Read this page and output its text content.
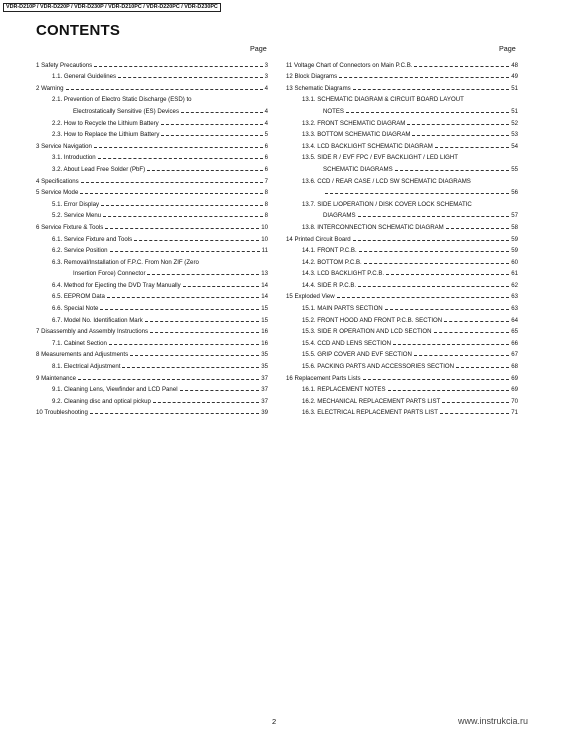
VDR-D210P / VDR-D220P / VDR-D230P / VDR-D210PC / VDR-D220PC / VDR-D230PC
CONTENTS
Page	Page
1 Safety Precautions	3
1.1. General Guidelines	3
2 Warning	4
2.1. Prevention of Electro Static Discharge (ESD) to
Electrostatically Sensitive (ES) Devices	4
2.2. How to Recycle the Lithium Battery	4
2.3. How to Replace the Lithium Battery	5
3 Service Navigation	6
3.1. Introduction	6
3.2. About Lead Free Solder (PbF)	6
4 Specifications	7
5 Service Mode	8
5.1. Error Display	8
5.2. Service Menu	8
6 Service Fixture & Tools	10
6.1. Service Fixture and Tools	10
6.2. Service Position	11
6.3. Removal/Installation of F.P.C. From Non ZIF (Zero
Insertion Force) Connector	13
6.4. Method for Ejecting the DVD Tray Manually	14
6.5. EEPROM Data	14
6.6. Special Note	15
6.7. Model No. Identification Mark	15
7 Disassembly and Assembly Instructions	16
7.1. Cabinet Section	16
8 Measurements and Adjustments	35
8.1. Electrical Adjustment	35
9 Maintenance	37
9.1. Cleaning Lens, Viewfinder and LCD Panel	37
9.2. Cleaning disc and optical pickup	37
10 Troubleshooting	39
11 Voltage Chart of Connectors on Main P.C.B.	48
12 Block Diagrams	49
13 Schematic Diagrams	51
13.1. SCHEMATIC DIAGRAM & CIRCUIT BOARD LAYOUT
NOTES	51
13.2. FRONT SCHEMATIC DIAGRAM	52
13.3. BOTTOM SCHEMATIC DIAGRAM	53
13.4. LCD BACKLIGHT SCHEMATIC DIAGRAM	54
13.5. SIDE R / EVF FPC / EVF BACKLIGHT / LED LIGHT
SCHEMATIC DIAGRAMS	55
13.6. CCD / REAR CASE / LCD SW SCHEMATIC DIAGRAMS
56
13.7. SIDE L/OPERATION / DISK COVER LOCK SCHEMATIC
DIAGRAMS	57
13.8. INTERCONNECTION SCHEMATIC DIAGRAM	58
14 Printed Circuit Board	59
14.1. FRONT P.C.B.	59
14.2. BOTTOM P.C.B.	60
14.3. LCD BACKLIGHT P.C.B.	61
14.4. SIDE R P.C.B.	62
15 Exploded View	63
15.1. MAIN PARTS SECTION	63
15.2. FRONT HOOD AND FRONT P.C.B. SECTION	64
15.3. SIDE R OPERATION AND LCD SECTION	65
15.4. CCD AND LENS SECTION	66
15.5. GRIP COVER AND EVF SECTION	67
15.6. PACKING PARTS AND ACCESSORIES SECTION	68
16 Replacement Parts Lists	69
16.1. REPLACEMENT NOTES	69
16.2. MECHANICAL REPLACEMENT PARTS LIST	70
16.3. ELECTRICAL REPLACEMENT PARTS LIST	71
2	www.instrukcia.ru
